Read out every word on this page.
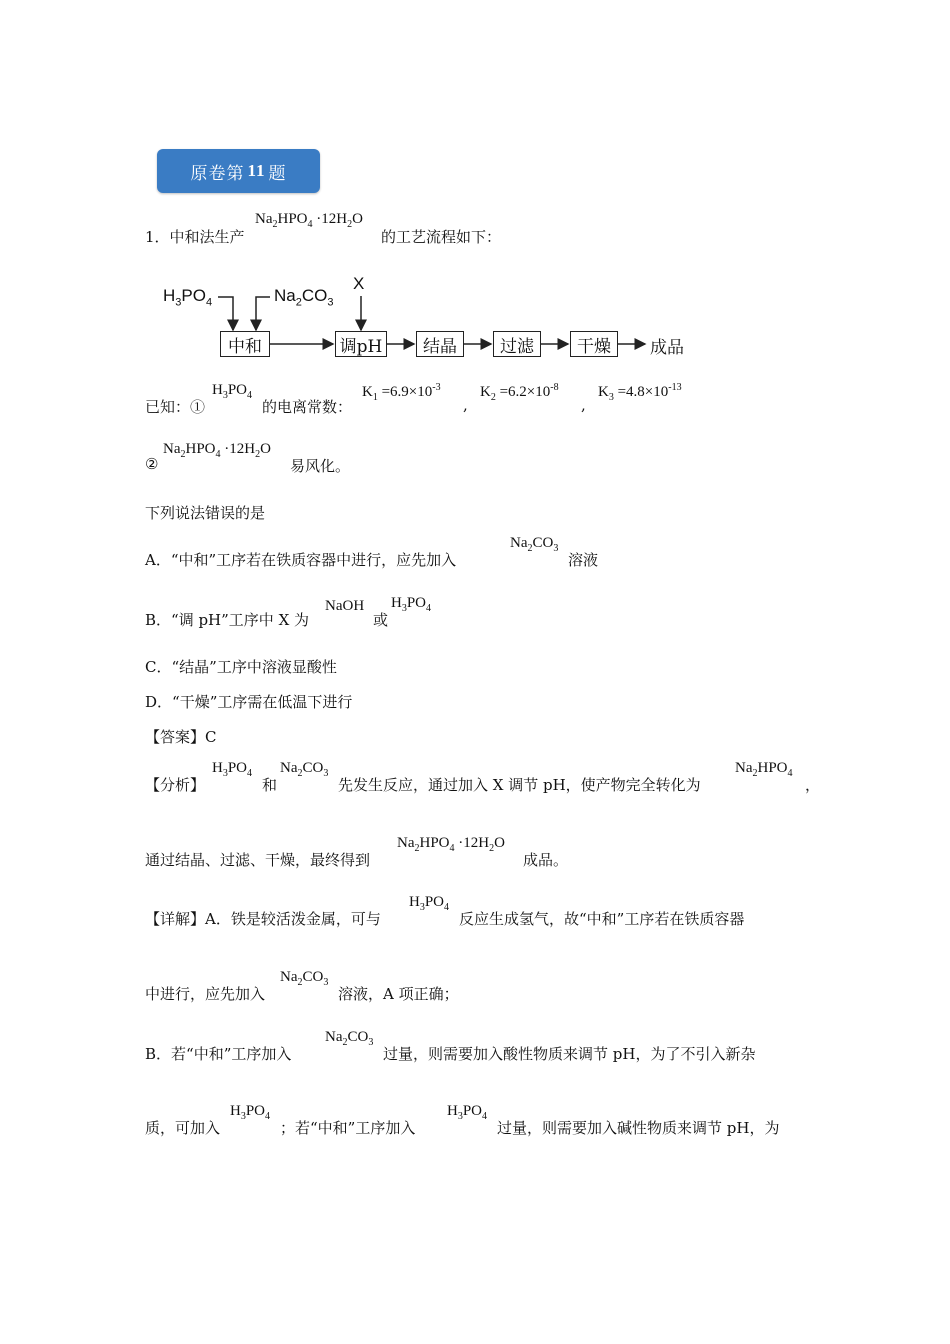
原卷第 11 题
1．中和法生产
$Na_2HPO_4 \cdot 12H_2O$
的工艺流程如下：
$H_3PO_4$	$Na_2CO_3$
X
中和	调pH	结晶	过滤	干燥	成品
已知：①
$H_3PO_4$
的电离常数：
$K_1 =6.9\times 10^{-3}$
,
$K_2 =6.2\times 10^{-8}$
,
$K_3 =4.8\times 10^{-13}$
②
$Na_2HPO_4 \cdot 12H_2O$
易风化。
下列说法错误的是
A．“中和”工序若在铁质容器中进行，应先加入
$Na_2CO_3$
溶液
B．“调 pH”工序中 X 为
NaOH
或
$H_3PO_4$
C．“结晶”工序中溶液显酸性
D．“干燥”工序需在低温下进行
【答案】C
【分析】
$H_3PO_4$
和
$Na_2CO_3$
先发生反应，通过加入 X 调节 pH，使产物完全转化为
$Na_2HPO_4$
，
通过结晶、过滤、干燥，最终得到
$Na_2HPO_4 \cdot 12H_2O$
成品。
【详解】A．铁是较活泼金属，可与
$H_3PO_4$
反应生成氢气，故“中和”工序若在铁质容器
中进行，应先加入
$Na_2CO_3$
溶液，A 项正确；
B．若“中和”工序加入
$Na_2CO_3$
过量，则需要加入酸性物质来调节 pH，为了不引入新杂
质，可加入
$H_3PO_4$
；若“中和”工序加入
$H_3PO_4$
过量，则需要加入碱性物质来调节 pH，为
